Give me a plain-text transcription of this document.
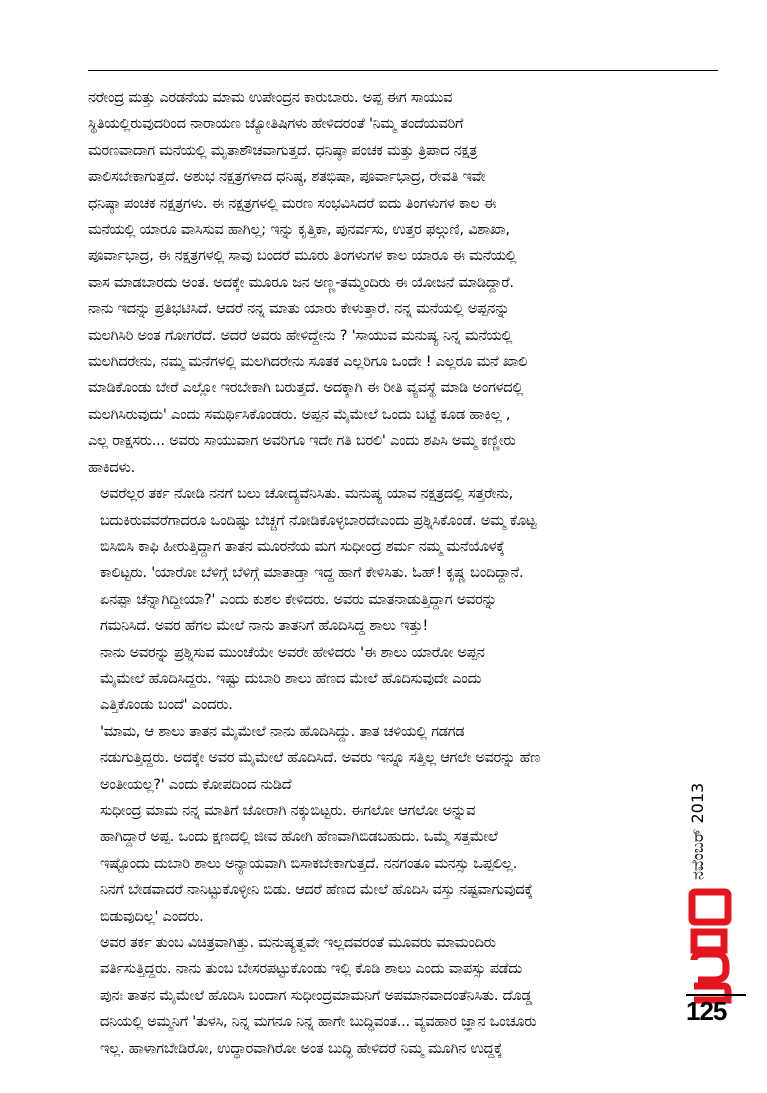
ನರೇಂದ್ರ ಮತ್ತು ಎರಡನೆಯ ಮಾಮ ಉಪೇಂದ್ರನ ಕಾರುಬಾರು. ಅಪ್ಪ ಈಗ ಸಾಯುವ
ಸ್ಥಿತಿಯಲ್ಲಿರುವುದರಿಂದ ನಾರಾಯಣ ಜ್ಯೋತಿಷಿಗಳು ಹೇಳಿದರಂತೆ 'ನಿಮ್ಮ ತಂದೆಯವರಿಗೆ
ಮರಣವಾದಾಗ ಮನೆಯಲ್ಲಿ ಮೃತಾಶೌಚವಾಗುತ್ತದೆ. ಧನಿಷ್ಠಾ ಪಂಚಕ ಮತ್ತು ತ್ರಿಪಾದ ನಕ್ಷತ್ರ
ಪಾಲಿಸಬೇಕಾಗುತ್ತದೆ. ಅಶುಭ ನಕ್ಷತ್ರಗಳಾದ ಧನಿಷ್ಠ, ಶತಭಿಷಾ, ಪೂರ್ವಾಭಾದ್ರ, ರೇವತಿ ಇವೇ
ಧನಿಷ್ಠಾ ಪಂಚಕ ನಕ್ಷತ್ರಗಳು. ಈ ನಕ್ಷತ್ರಗಳಲ್ಲಿ ಮರಣ ಸಂಭವಿಸಿದರೆ ಐದು ತಿಂಗಳುಗಳ ಕಾಲ ಈ
ಮನೆಯಲ್ಲಿ ಯಾರೂ ವಾಸಿಸುವ ಹಾಗಿಲ್ಲ; ಇನ್ನು ಕೃತ್ತಿಕಾ, ಪುನರ್ವಸು, ಉತ್ತರ ಫಲ್ಗುಣಿ, ವಿಶಾಖಾ,
ಪೂರ್ವಾಭಾದ್ರ, ಈ ನಕ್ಷತ್ರಗಳಲ್ಲಿ ಸಾವು ಬಂದರೆ ಮೂರು ತಿಂಗಳುಗಳ ಕಾಲ ಯಾರೂ ಈ ಮನೆಯಲ್ಲಿ
ವಾಸ ಮಾಡಬಾರದು ಅಂತ. ಅದಕ್ಕೇ ಮೂರೂ ಜನ ಅಣ್ಣ-ತಮ್ಮಂದಿರು ಈ ಯೋಜನೆ ಮಾಡಿದ್ದಾರೆ.
ನಾನು ಇದನ್ನು ಪ್ರತಿಭಟಿಸಿದೆ. ಆದರೆ ನನ್ನ ಮಾತು ಯಾರು ಕೇಳುತ್ತಾರೆ. ನನ್ನ ಮನೆಯಲ್ಲಿ ಅಪ್ಪನನ್ನು
ಮಲಗಿಸಿರಿ ಅಂತ ಗೋಗರೆದೆ. ಅದರೆ ಅವರು ಹೇಳಿದ್ದೇನು ? 'ಸಾಯುವ ಮನುಷ್ಯ ನಿನ್ನ ಮನೆಯಲ್ಲಿ
ಮಲಗಿದರೇನು, ನಮ್ಮ ಮನೆಗಳಲ್ಲಿ ಮಲಗಿದರೇನು ಸೂತಕ ಎಲ್ಲರಿಗೂ ಒಂದೇ ! ಎಲ್ಲರೂ ಮನೆ ಖಾಲಿ
ಮಾಡಿಕೊಂಡು ಬೇರೆ ಎಲ್ಲೋ ಇರಬೇಕಾಗಿ ಬರುತ್ತದೆ. ಅದಕ್ಕಾಗಿ ಈ ರೀತಿ ವ್ಯವಸ್ಥೆ ಮಾಡಿ ಅಂಗಳದಲ್ಲಿ
ಮಲಗಿಸಿರುವುದು' ಎಂದು ಸಮರ್ಥಿಸಿಕೊಂಡರು. ಅಪ್ಪನ ಮೈಮೇಲೆ ಒಂದು ಬಟ್ಟೆ ಕೂಡ ಹಾಕಿಲ್ಲ ,
ಎಲ್ಲ ರಾಕ್ಷಸರು... ಅವರು ಸಾಯುವಾಗ ಅವರಿಗೂ ಇದೇ ಗತಿ ಬರಲಿ' ಎಂದು ಶಪಿಸಿ ಅಮ್ಮ ಕಣ್ಣೀರು
ಹಾಕಿದಳು.

ಅವರೆಲ್ಲರ ತರ್ಕ ನೋಡಿ ನನಗೆ ಬಲು ಚೋದ್ಯವೆನಿಸಿತು. ಮನುಷ್ಯ ಯಾವ ನಕ್ಷತ್ರದಲ್ಲಿ ಸತ್ತರೇನು,
ಬದುಕಿರುವವರೆಗಾದರೂ ಒಂದಿಷ್ಟು ಬೆಚ್ಚಗೆ ನೋಡಿಕೊಳ್ಳಬಾರದೇಎಂದು ಪ್ರಶ್ನಿಸಿಕೊಂಡೆ. ಅಮ್ಮ ಕೊಟ್ಟ
ಬಿಸಿಬಿಸಿ ಕಾಫಿ ಹೀರುತ್ತಿದ್ದಾಗ ತಾತನ ಮೂರನೆಯ ಮಗ ಸುಧೀಂದ್ರ ಶರ್ಮ ನಮ್ಮ ಮನೆಯೊಳಕ್ಕೆ
ಕಾಲಿಟ್ಟರು. 'ಯಾರೋ ಬೆಳಿಗ್ಗೆ ಬೆಳಿಗ್ಗೆ ಮಾತಾಡ್ತಾ ಇದ್ದ ಹಾಗೆ ಕೇಳಿಸಿತು. ಓಹ್! ಕೃಷ್ಣ ಬಂದಿದ್ದಾನೆ.
ಏನಪ್ಪಾ ಚೆನ್ನಾಗಿದ್ದೀಯಾ?' ಎಂದು ಕುಶಲ ಕೇಳಿದರು. ಅವರು ಮಾತನಾಡುತ್ತಿದ್ದಾಗ ಅವರನ್ನು
ಗಮನಿಸಿದೆ. ಅವರ ಹೆಗಲ ಮೇಲೆ ನಾನು ತಾತನಿಗೆ ಹೊದಿಸಿದ್ದ ಶಾಲು ಇತ್ತು!

ನಾನು ಅವರನ್ನು ಪ್ರಶ್ನಿಸುವ ಮುಂಚೆಯೇ ಅವರೇ ಹೇಳಿದರು 'ಈ ಶಾಲು ಯಾರೋ ಅಪ್ಪನ
ಮೈಮೇಲೆ ಹೊದಿಸಿದ್ದರು. ಇಷ್ಟು ದುಬಾರಿ ಶಾಲು ಹೆಣದ ಮೇಲೆ ಹೊದಿಸುವುದೇ ಎಂದು
ಎತ್ತಿಕೊಂಡು ಬಂದೆ' ಎಂದರು.

'ಮಾಮ, ಆ ಶಾಲು ತಾತನ ಮೈಮೇಲೆ ನಾನು ಹೊದಿಸಿದ್ದು. ತಾತ ಚಳಿಯಲ್ಲಿ ಗಡಗಡ
ನಡುಗುತ್ತಿದ್ದರು. ಅದಕ್ಕೇ ಅವರ ಮೈಮೇಲೆ ಹೊದಿಸಿದೆ. ಅವರು ಇನ್ನೂ ಸತ್ತಿಲ್ಲ ಆಗಲೇ ಅವರನ್ನು ಹೆಣ
ಅಂತೀಯಲ್ಲ?' ಎಂದು ಕೋಪದಿಂದ ನುಡಿದೆ

ಸುಧೀಂದ್ರ ಮಾಮ ನನ್ನ ಮಾತಿಗೆ ಜೋರಾಗಿ ನಕ್ಕುಬಿಟ್ಟರು. ಈಗಲೋ ಆಗಲೋ ಅನ್ನುವ
ಹಾಗಿದ್ದಾರೆ ಅಪ್ಪ. ಒಂದು ಕ್ಷಣದಲ್ಲಿ ಜೀವ ಹೋಗಿ ಹೆಣವಾಗಿಬಿಡಬಹುದು. ಒಮ್ಮೆ ಸತ್ತಮೇಲೆ
ಇಷ್ಟೊಂದು ದುಬಾರಿ ಶಾಲು ಅನ್ಯಾಯವಾಗಿ ಬಿಸಾಕಬೇಕಾಗುತ್ತದೆ. ನನಗಂತೂ ಮನಸ್ಸು ಒಪ್ಪಲಿಲ್ಲ.
ನಿನಗೆ ಬೇಡವಾದರೆ ನಾನಿಟ್ಟುಕೊಳ್ಳೀನಿ ಬಿಡು. ಆದರೆ ಹೆಣದ ಮೇಲೆ ಹೊದಿಸಿ ವಸ್ತು ನಷ್ಟವಾಗುವುದಕ್ಕೆ
ಬಿಡುವುದಿಲ್ಲ' ಎಂದರು.

ಅವರ ತರ್ಕ ತುಂಬ ವಿಚಿತ್ರವಾಗಿತ್ತು. ಮನುಷ್ಯತ್ವವೇ ಇಲ್ಲದವರಂತೆ ಮೂವರು ಮಾಮಂದಿರು
ವರ್ತಿಸುತ್ತಿದ್ದರು. ನಾನು ತುಂಬ ಬೇಸರಪಟ್ಟುಕೊಂಡು ಇಲ್ಲಿ ಕೊಡಿ ಶಾಲು ಎಂದು ವಾಪಸ್ಸು ಪಡೆದು
ಪುನಃ ತಾತನ ಮೈಮೇಲೆ ಹೊದಿಸಿ ಬಂದಾಗ ಸುಧೀಂದ್ರಮಾಮನಿಗೆ ಅಪಮಾನವಾದಂತೆನಿಸಿತು. ದೊಡ್ಡ
ದನಿಯಲ್ಲಿ ಅಮ್ಮನಿಗೆ 'ತುಳಸಿ, ನಿನ್ನ ಮಗನೂ ನಿನ್ನ ಹಾಗೇ ಬುದ್ಧಿವಂತ... ವ್ಯವಹಾರ ಜ್ಞಾನ ಒಂಚೂರು
ಇಲ್ಲ. ಹಾಳಾಗಬೇಡಿರೋ, ಉದ್ಧಾರವಾಗಿರೋ ಅಂತ ಬುದ್ಧಿ ಹೇಳಿದರೆ ನಿಮ್ಮ ಮೂಗಿನ ಉದ್ದಕ್ಕೆ

ನವೆಂಬರ್ 2013
125
